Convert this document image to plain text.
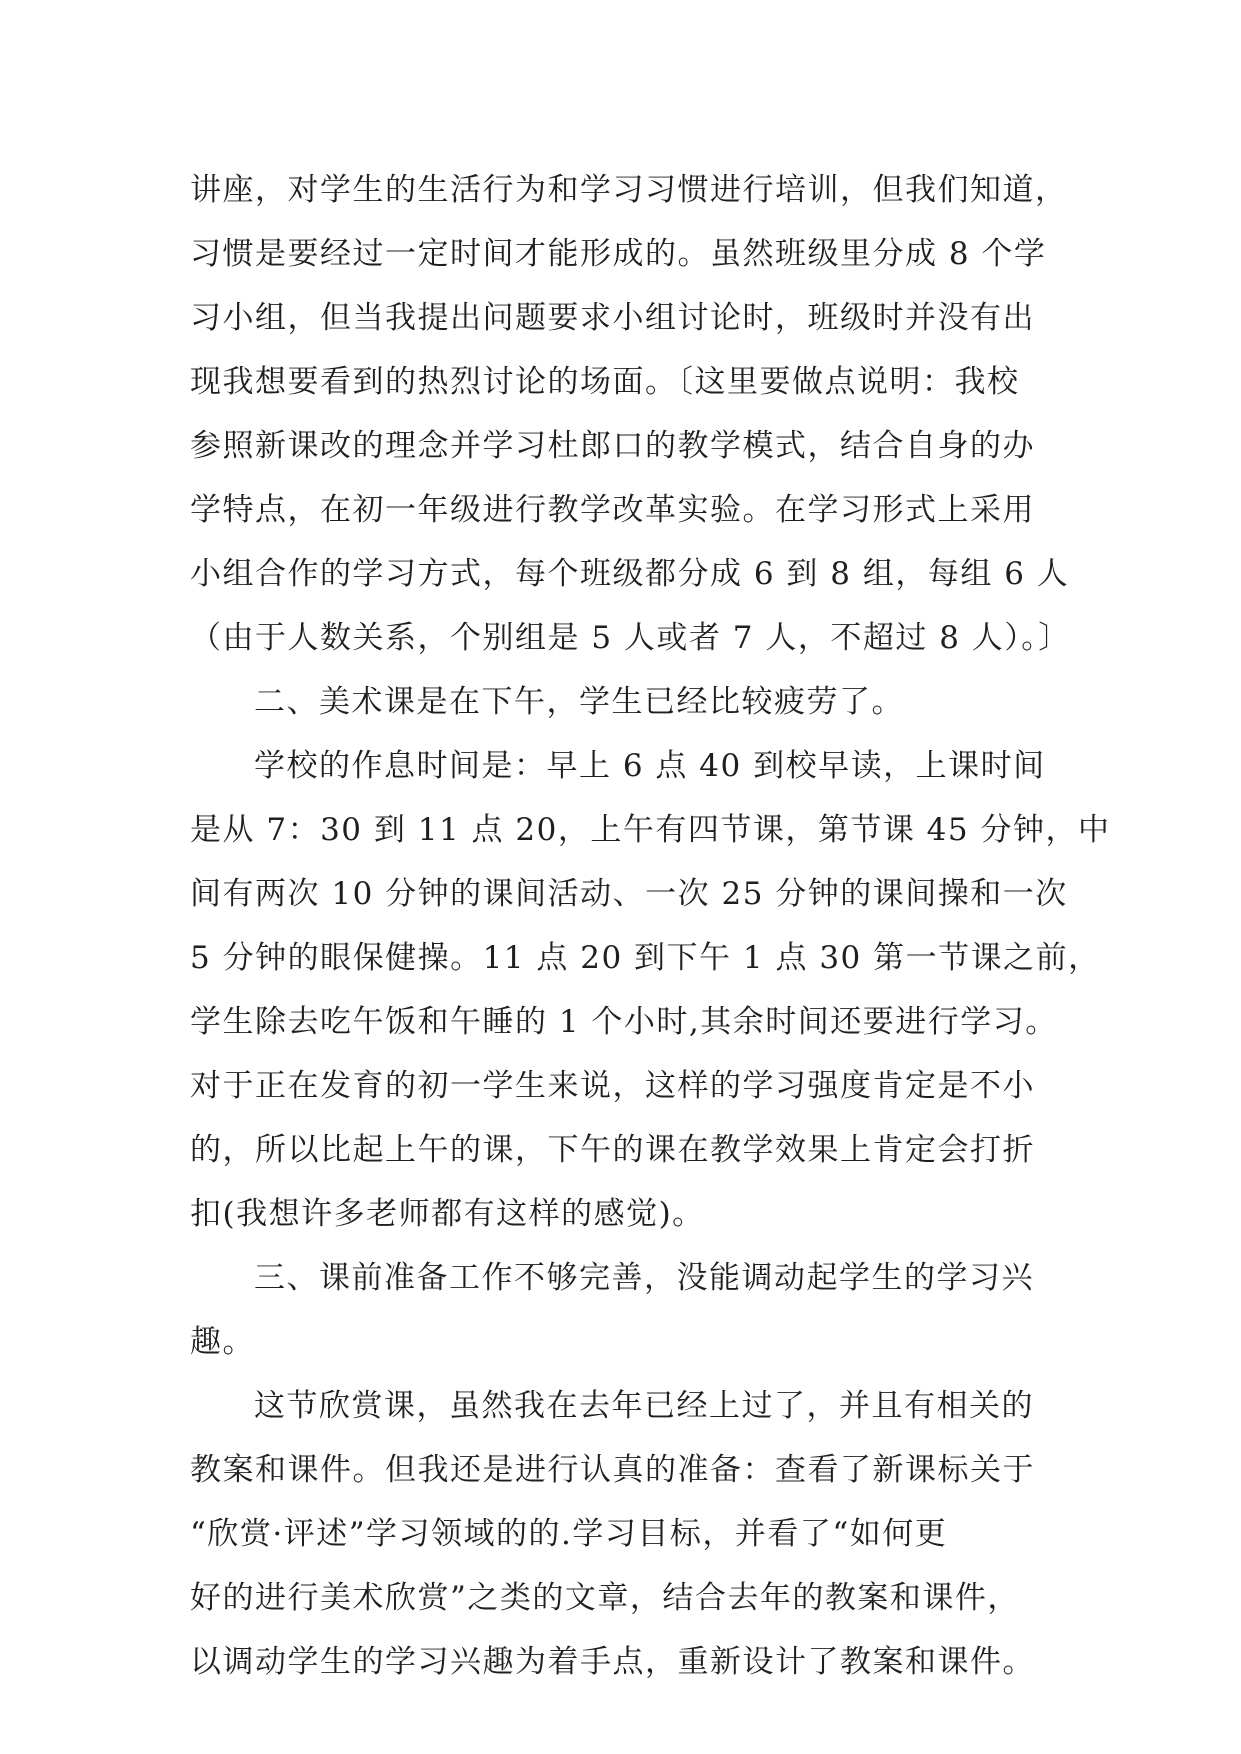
讲座，对学生的生活行为和学习习惯进行培训，但我们知道，
习惯是要经过一定时间才能形成的。虽然班级里分成 8 个学
习小组，但当我提出问题要求小组讨论时，班级时并没有出
现我想要看到的热烈讨论的场面。〔这里要做点说明：我校
参照新课改的理念并学习杜郎口的教学模式，结合自身的办
学特点，在初一年级进行教学改革实验。在学习形式上采用
小组合作的学习方式，每个班级都分成 6 到 8 组，每组 6 人
（由于人数关系，个别组是 5 人或者 7 人，不超过 8 人）。〕
二、美术课是在下午，学生已经比较疲劳了。
学校的作息时间是：早上 6 点 40 到校早读，上课时间
是从 7：30 到 11 点 20，上午有四节课，第节课 45 分钟，中
间有两次 10 分钟的课间活动、一次 25 分钟的课间操和一次
5 分钟的眼保健操。11 点 20 到下午 1 点 30 第一节课之前，
学生除去吃午饭和午睡的 1 个小时,其余时间还要进行学习。
对于正在发育的初一学生来说，这样的学习强度肯定是不小
的，所以比起上午的课，下午的课在教学效果上肯定会打折
扣(我想许多老师都有这样的感觉)。
三、课前准备工作不够完善，没能调动起学生的学习兴
趣。
这节欣赏课，虽然我在去年已经上过了，并且有相关的
教案和课件。但我还是进行认真的准备：查看了新课标关于
“欣赏·评述”学习领域的的.学习目标，并看了“如何更
好的进行美术欣赏”之类的文章，结合去年的教案和课件，
以调动学生的学习兴趣为着手点，重新设计了教案和课件。
